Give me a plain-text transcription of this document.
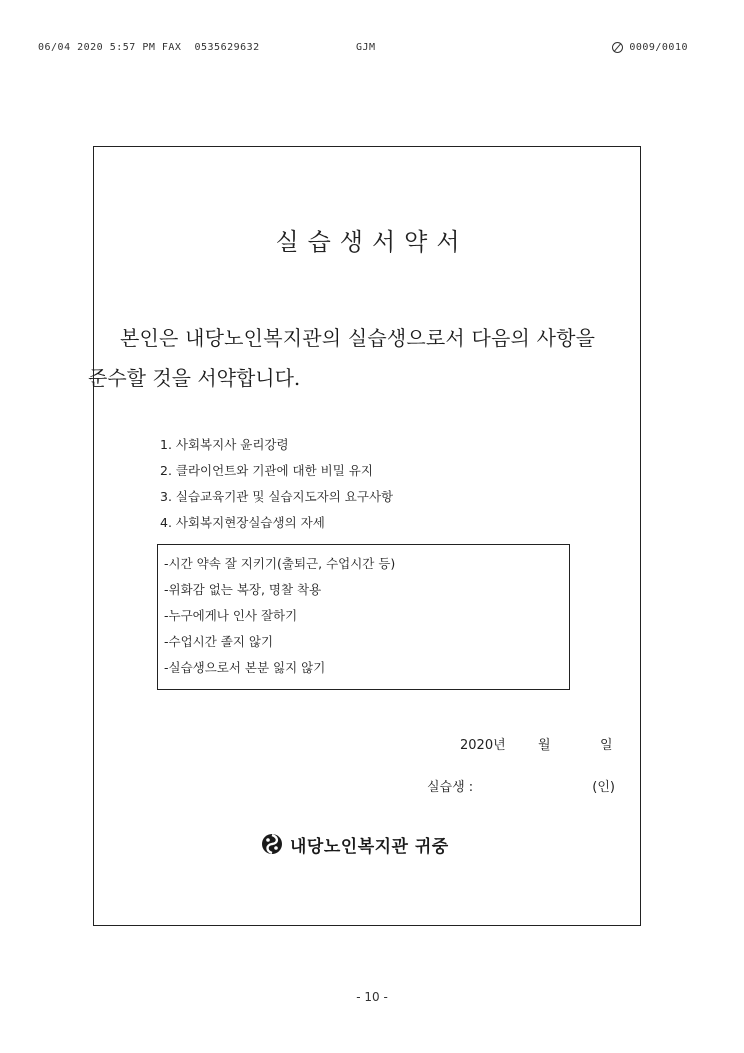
06/04 2020 5:57 PM FAX  0535629632	GJM	0009/0010
실습생서약서

본인은 내당노인복지관의 실습생으로서 다음의 사항을

준수할 것을 서약합니다.

1. 사회복지사 윤리강령
2. 클라이언트와 기관에 대한 비밀 유지
3. 실습교육기관 및 실습지도자의 요구사항
4. 사회복지현장실습생의 자세
-시간 약속 잘 지키기(출퇴근, 수업시간 등)
-위화감 없는 복장, 명찰 착용
-누구에게나 인사 잘하기
-수업시간 졸지 않기
-실습생으로서 본분 잃지 않기
2020년 월	일
실습생 :	(인)
내당노인복지관 귀중
- 10 -
